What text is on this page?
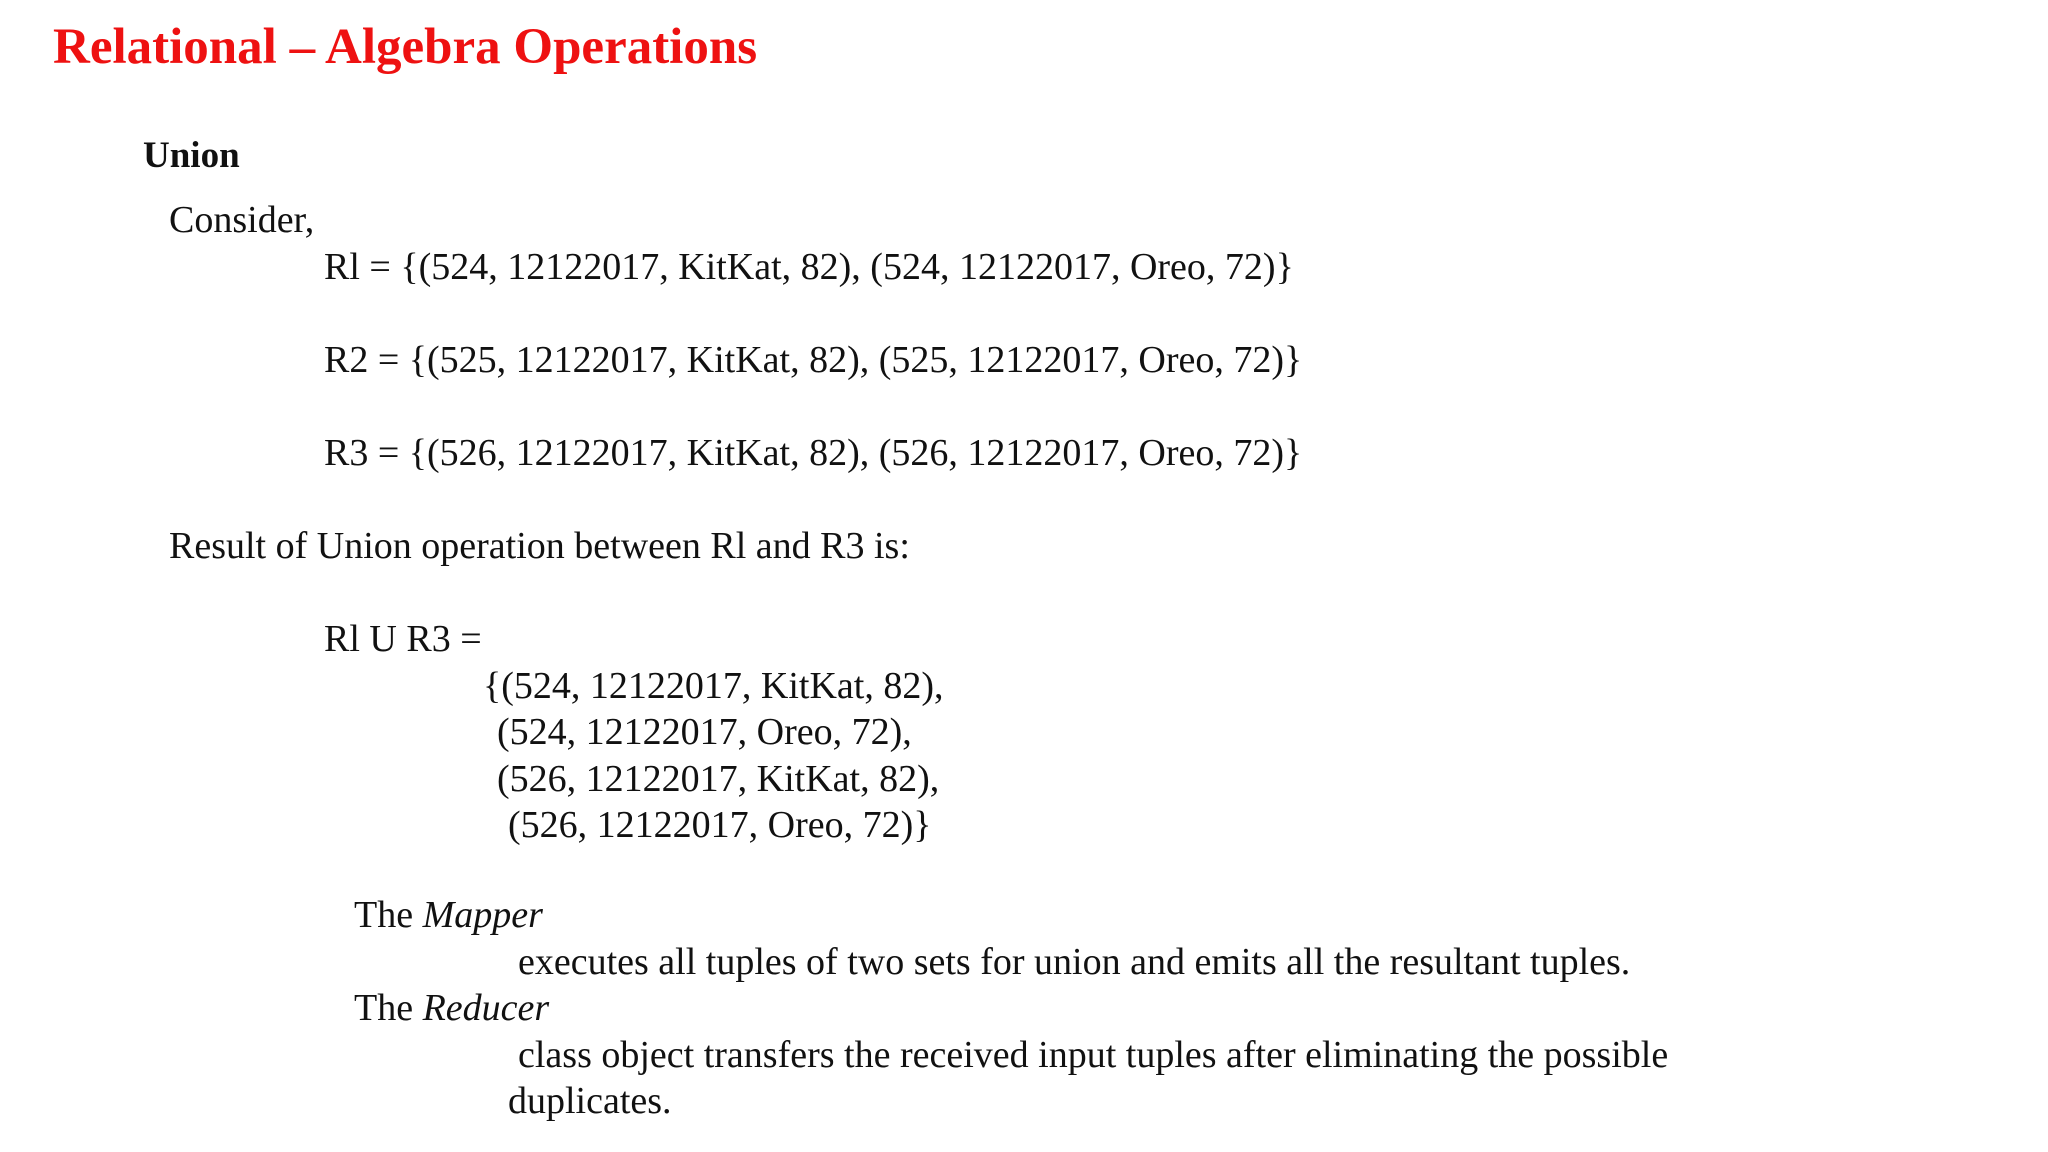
Relational – Algebra Operations
Union
Consider,
Rl = {(524, 12122017, KitKat, 82), (524, 12122017, Oreo, 72)}
R2 = {(525, 12122017, KitKat, 82), (525, 12122017, Oreo, 72)}
R3 = {(526, 12122017, KitKat, 82), (526, 12122017, Oreo, 72)}
Result of Union operation between Rl and R3 is:
Rl U R3 =
{(524, 12122017, KitKat, 82),
(524, 12122017, Oreo, 72),
(526, 12122017, KitKat, 82),
(526, 12122017, Oreo, 72)}
The Mapper
executes all tuples of two sets for union and emits all the resultant tuples.
The Reducer
class object transfers the received input tuples after eliminating the possible
duplicates.
